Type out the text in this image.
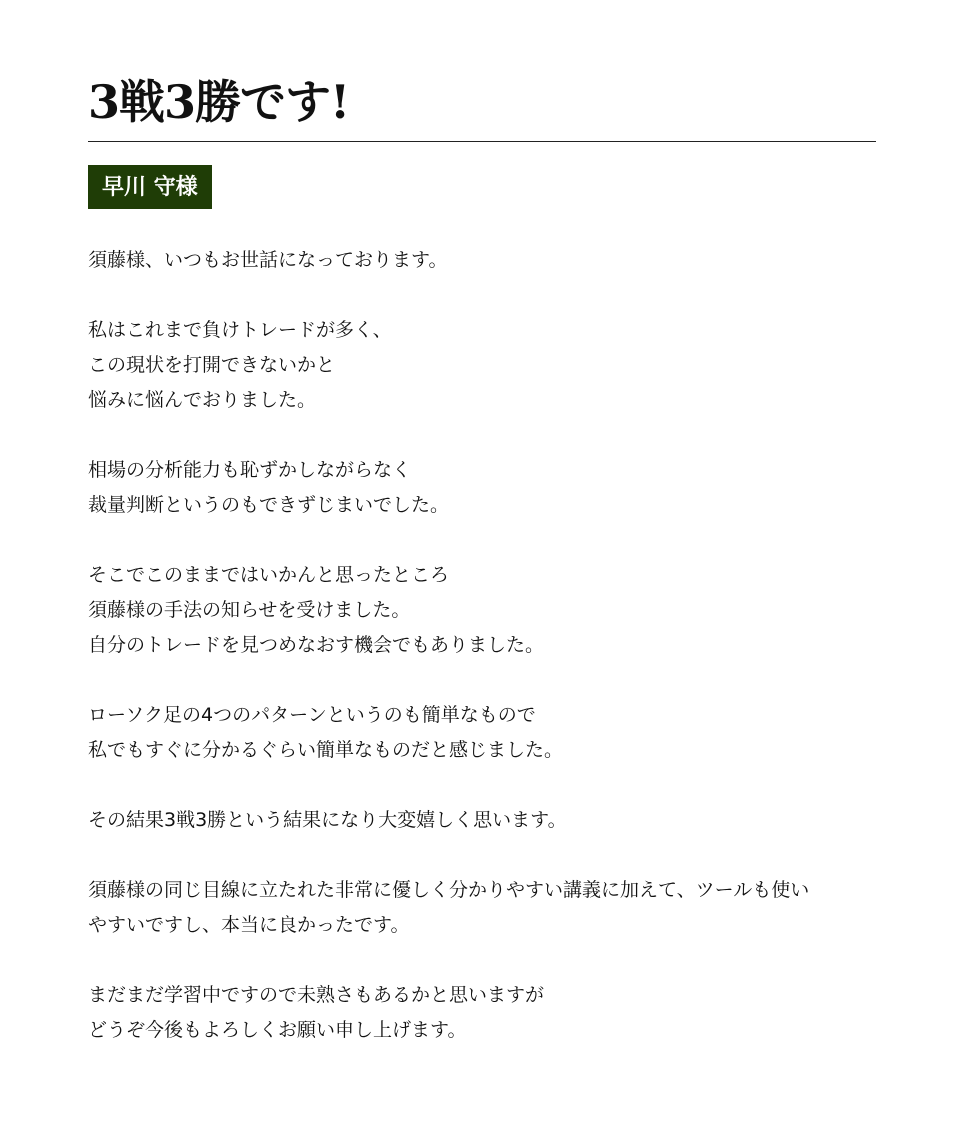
3戦3勝です!
早川 守様

須藤様、いつもお世話になっております。

私はこれまで負けトレードが多く、
この現状を打開できないかと
悩みに悩んでおりました。

相場の分析能力も恥ずかしながらなく
裁量判断というのもできずじまいでした。

そこでこのままではいかんと思ったところ
須藤様の手法の知らせを受けました。
自分のトレードを見つめなおす機会でもありました。

ローソク足の4つのパターンというのも簡単なもので
私でもすぐに分かるぐらい簡単なものだと感じました。

その結果3戦3勝という結果になり大変嬉しく思います。

須藤様の同じ目線に立たれた非常に優しく分かりやすい講義に加えて、ツールも使い
やすいですし、本当に良かったです。

まだまだ学習中ですので未熟さもあるかと思いますが
どうぞ今後もよろしくお願い申し上げます。
